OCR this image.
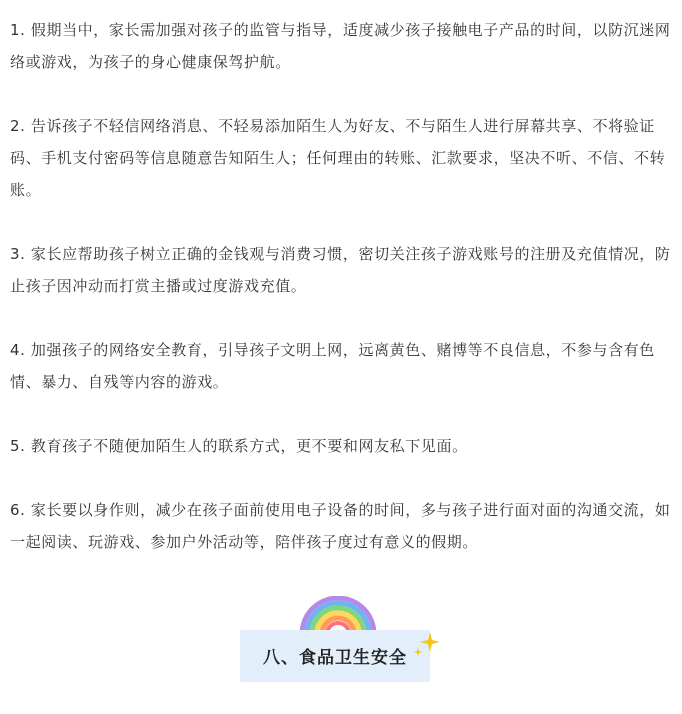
1. 假期当中，家长需加强对孩子的监管与指导，适度减少孩子接触电子产品的时间，以防沉迷网络或游戏，为孩子的身心健康保驾护航。

2. 告诉孩子不轻信网络消息、不轻易添加陌生人为好友、不与陌生人进行屏幕共享、不将验证码、手机支付密码等信息随意告知陌生人；任何理由的转账、汇款要求，坚决不听、不信、不转账。

3. 家长应帮助孩子树立正确的金钱观与消费习惯，密切关注孩子游戏账号的注册及充值情况，防止孩子因冲动而打赏主播或过度游戏充值。

4. 加强孩子的网络安全教育，引导孩子文明上网，远离黄色、赌博等不良信息，不参与含有色情、暴力、自残等内容的游戏。

5. 教育孩子不随便加陌生人的联系方式，更不要和网友私下见面。

6. 家长要以身作则，减少在孩子面前使用电子设备的时间，多与孩子进行面对面的沟通交流，如一起阅读、玩游戏、参加户外活动等，陪伴孩子度过有意义的假期。

八、食品卫生安全
